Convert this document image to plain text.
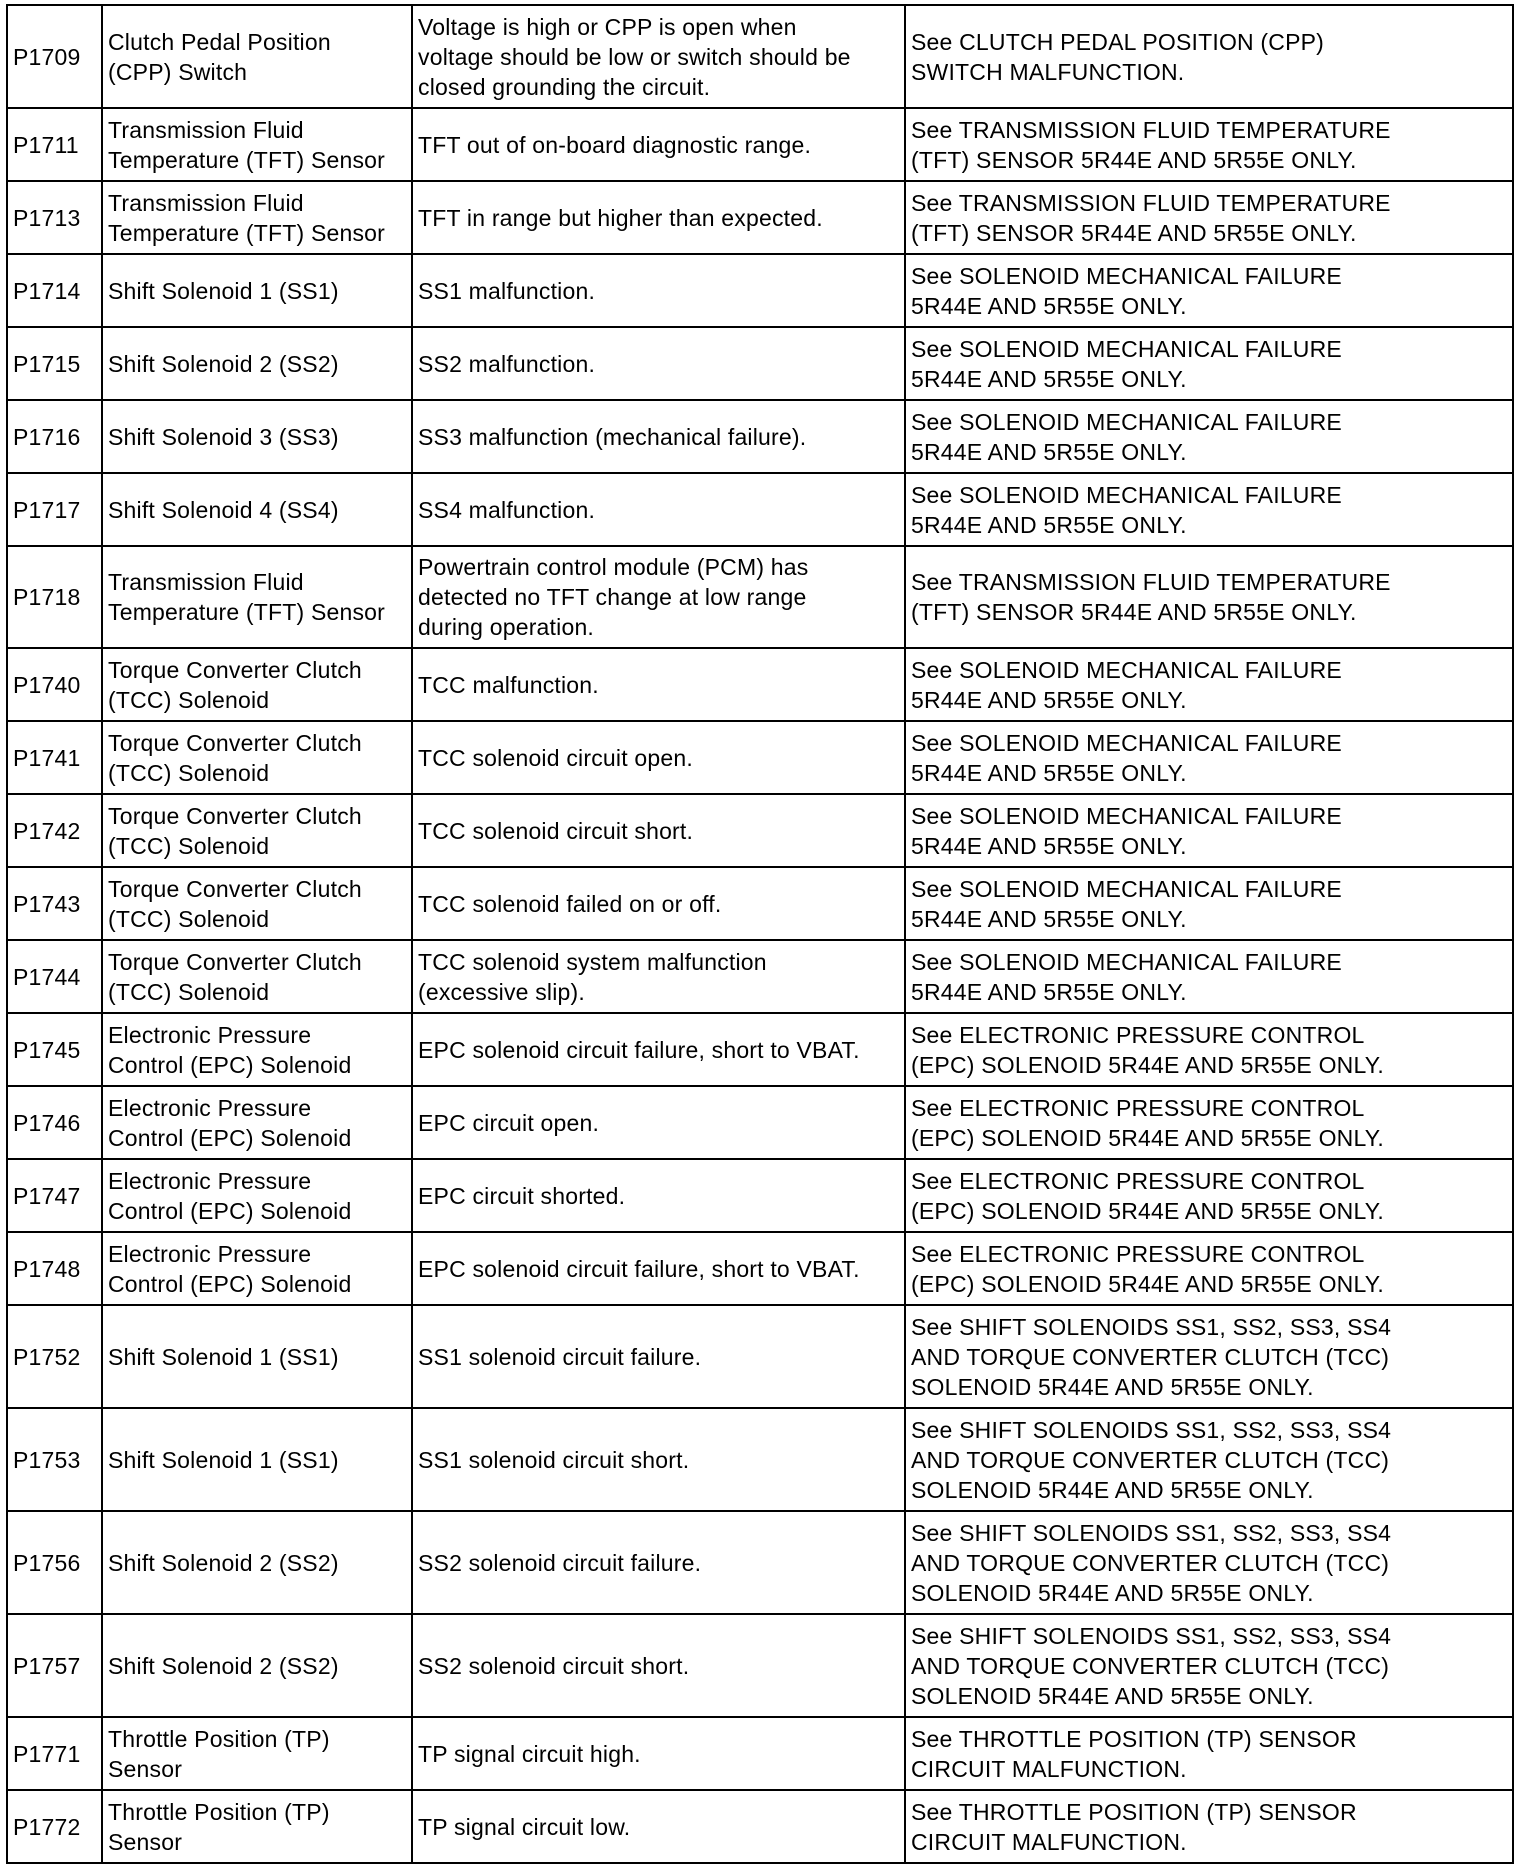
P1709	Clutch Pedal Position
(CPP) Switch	Voltage is high or CPP is open when
voltage should be low or switch should be
closed grounding the circuit.	See CLUTCH PEDAL POSITION (CPP)
SWITCH MALFUNCTION.
P1711	Transmission Fluid
Temperature (TFT) Sensor	TFT out of on-board diagnostic range.	See TRANSMISSION FLUID TEMPERATURE
(TFT) SENSOR 5R44E AND 5R55E ONLY.
P1713	Transmission Fluid
Temperature (TFT) Sensor	TFT in range but higher than expected.	See TRANSMISSION FLUID TEMPERATURE
(TFT) SENSOR 5R44E AND 5R55E ONLY.
P1714	Shift Solenoid 1 (SS1)	SS1 malfunction.	See SOLENOID MECHANICAL FAILURE
5R44E AND 5R55E ONLY.
P1715	Shift Solenoid 2 (SS2)	SS2 malfunction.	See SOLENOID MECHANICAL FAILURE
5R44E AND 5R55E ONLY.
P1716	Shift Solenoid 3 (SS3)	SS3 malfunction (mechanical failure).	See SOLENOID MECHANICAL FAILURE
5R44E AND 5R55E ONLY.
P1717	Shift Solenoid 4 (SS4)	SS4 malfunction.	See SOLENOID MECHANICAL FAILURE
5R44E AND 5R55E ONLY.
P1718	Transmission Fluid
Temperature (TFT) Sensor	Powertrain control module (PCM) has
detected no TFT change at low range
during operation.	See TRANSMISSION FLUID TEMPERATURE
(TFT) SENSOR 5R44E AND 5R55E ONLY.
P1740	Torque Converter Clutch
(TCC) Solenoid	TCC malfunction.	See SOLENOID MECHANICAL FAILURE
5R44E AND 5R55E ONLY.
P1741	Torque Converter Clutch
(TCC) Solenoid	TCC solenoid circuit open.	See SOLENOID MECHANICAL FAILURE
5R44E AND 5R55E ONLY.
P1742	Torque Converter Clutch
(TCC) Solenoid	TCC solenoid circuit short.	See SOLENOID MECHANICAL FAILURE
5R44E AND 5R55E ONLY.
P1743	Torque Converter Clutch
(TCC) Solenoid	TCC solenoid failed on or off.	See SOLENOID MECHANICAL FAILURE
5R44E AND 5R55E ONLY.
P1744	Torque Converter Clutch
(TCC) Solenoid	TCC solenoid system malfunction
(excessive slip).	See SOLENOID MECHANICAL FAILURE
5R44E AND 5R55E ONLY.
P1745	Electronic Pressure
Control (EPC) Solenoid	EPC solenoid circuit failure, short to VBAT.	See ELECTRONIC PRESSURE CONTROL
(EPC) SOLENOID 5R44E AND 5R55E ONLY.
P1746	Electronic Pressure
Control (EPC) Solenoid	EPC circuit open.	See ELECTRONIC PRESSURE CONTROL
(EPC) SOLENOID 5R44E AND 5R55E ONLY.
P1747	Electronic Pressure
Control (EPC) Solenoid	EPC circuit shorted.	See ELECTRONIC PRESSURE CONTROL
(EPC) SOLENOID 5R44E AND 5R55E ONLY.
P1748	Electronic Pressure
Control (EPC) Solenoid	EPC solenoid circuit failure, short to VBAT.	See ELECTRONIC PRESSURE CONTROL
(EPC) SOLENOID 5R44E AND 5R55E ONLY.
P1752	Shift Solenoid 1 (SS1)	SS1 solenoid circuit failure.	See SHIFT SOLENOIDS SS1, SS2, SS3, SS4
AND TORQUE CONVERTER CLUTCH (TCC)
SOLENOID 5R44E AND 5R55E ONLY.
P1753	Shift Solenoid 1 (SS1)	SS1 solenoid circuit short.	See SHIFT SOLENOIDS SS1, SS2, SS3, SS4
AND TORQUE CONVERTER CLUTCH (TCC)
SOLENOID 5R44E AND 5R55E ONLY.
P1756	Shift Solenoid 2 (SS2)	SS2 solenoid circuit failure.	See SHIFT SOLENOIDS SS1, SS2, SS3, SS4
AND TORQUE CONVERTER CLUTCH (TCC)
SOLENOID 5R44E AND 5R55E ONLY.
P1757	Shift Solenoid 2 (SS2)	SS2 solenoid circuit short.	See SHIFT SOLENOIDS SS1, SS2, SS3, SS4
AND TORQUE CONVERTER CLUTCH (TCC)
SOLENOID 5R44E AND 5R55E ONLY.
P1771	Throttle Position (TP)
Sensor	TP signal circuit high.	See THROTTLE POSITION (TP) SENSOR
CIRCUIT MALFUNCTION.
P1772	Throttle Position (TP)
Sensor	TP signal circuit low.	See THROTTLE POSITION (TP) SENSOR
CIRCUIT MALFUNCTION.
